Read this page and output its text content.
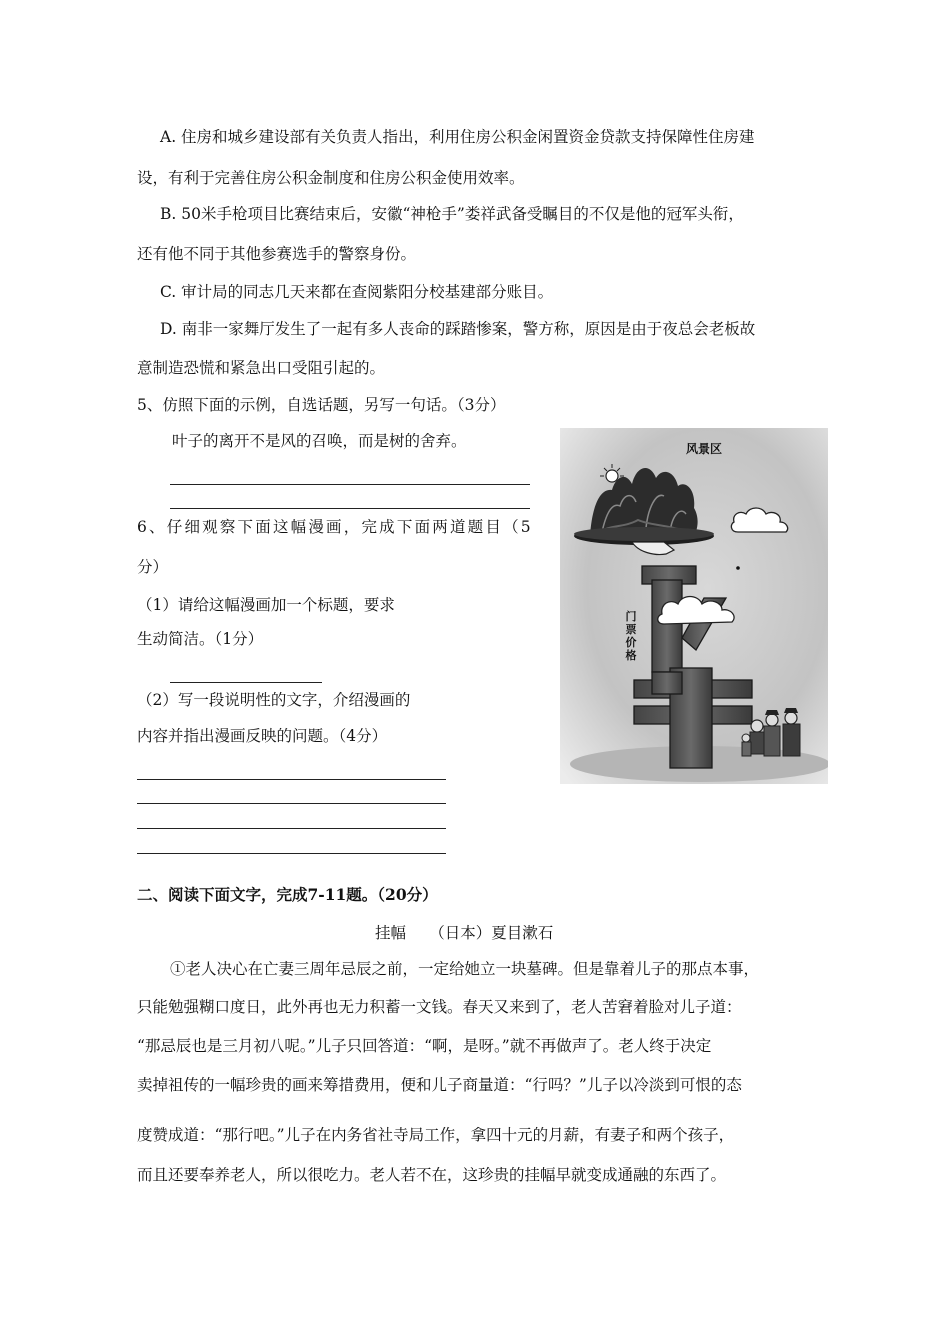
A. 住房和城乡建设部有关负责人指出，利用住房公积金闲置资金贷款支持保障性住房建
设，有利于完善住房公积金制度和住房公积金使用效率。
B. 50米手枪项目比赛结束后，安徽“神枪手”娄祥武备受瞩目的不仅是他的冠军头衔，
还有他不同于其他参赛选手的警察身份。
C. 审计局的同志几天来都在查阅紫阳分校基建部分账目。
D. 南非一家舞厅发生了一起有多人丧命的踩踏惨案，警方称，原因是由于夜总会老板故
意制造恐慌和紧急出口受阻引起的。
5、仿照下面的示例，自选话题，另写一句话。（3分）
叶子的离开不是风的召唤，而是树的舍弃。
6、仔细观察下面这幅漫画，完成下面两道题目（5
分）
（1）请给这幅漫画加一个标题，要求
生动简洁。（1分）
（2）写一段说明性的文字，介绍漫画的
内容并指出漫画反映的问题。（4分）
风景区
门
票
价
格
二、阅读下面文字，完成7-11题。（20分）
挂幅　　（日本）夏目漱石
①老人决心在亡妻三周年忌辰之前，一定给她立一块墓碑。但是靠着儿子的那点本事，
只能勉强糊口度日，此外再也无力积蓄一文钱。春天又来到了，老人苦窘着脸对儿子道：
“那忌辰也是三月初八呢。”儿子只回答道：“啊，是呀。”就不再做声了。老人终于决定
卖掉祖传的一幅珍贵的画来筹措费用，便和儿子商量道：“行吗？”儿子以冷淡到可恨的态
度赞成道：“那行吧。”儿子在内务省社寺局工作，拿四十元的月薪，有妻子和两个孩子，
而且还要奉养老人，所以很吃力。老人若不在，这珍贵的挂幅早就变成通融的东西了。
